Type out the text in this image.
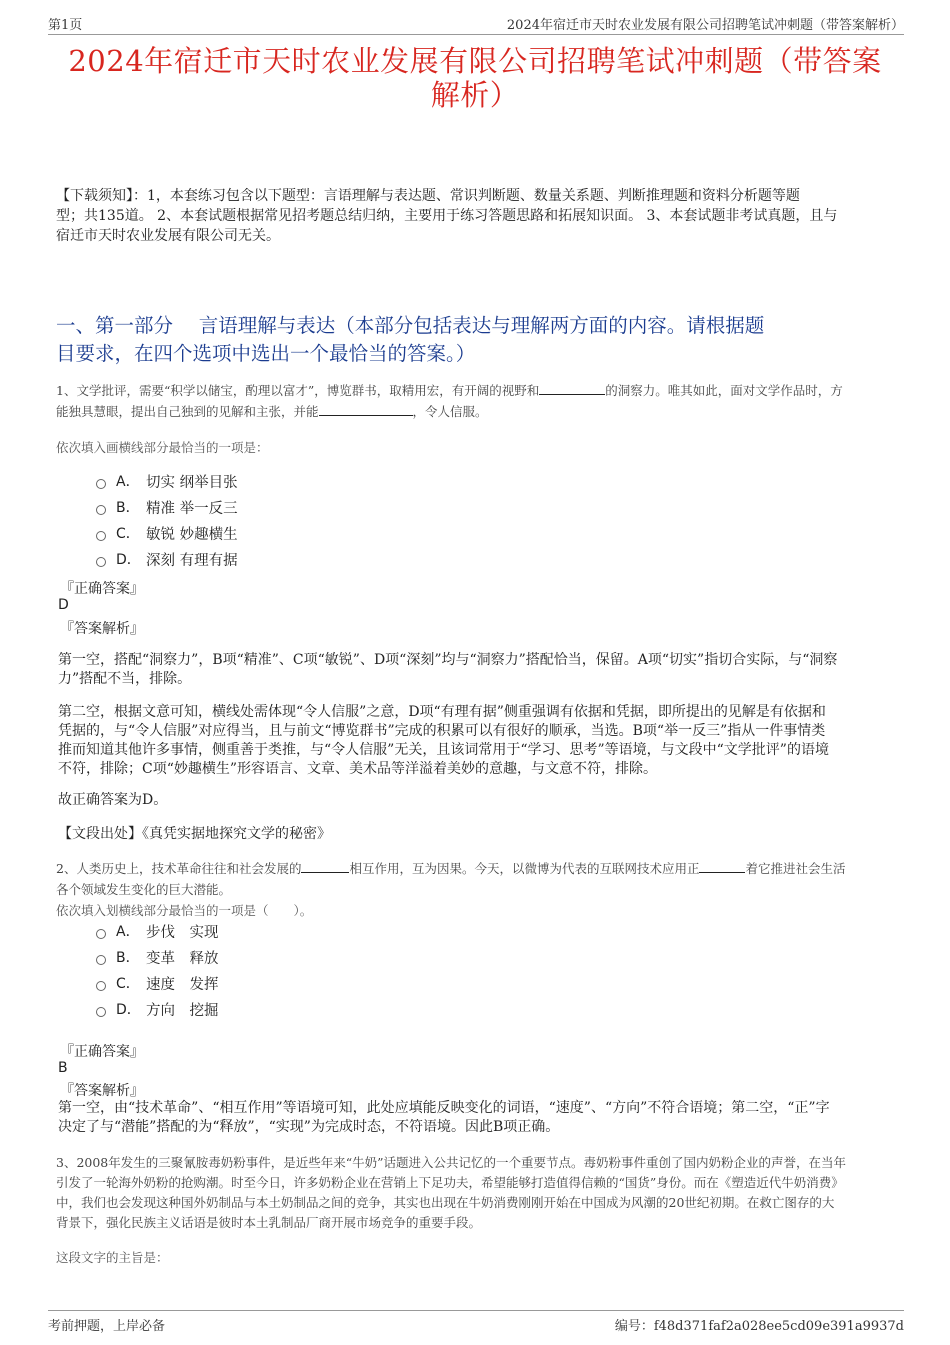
第1页	2024年宿迁市天时农业发展有限公司招聘笔试冲刺题（带答案解析）
2024年宿迁市天时农业发展有限公司招聘笔试冲刺题（带答案
解析）
【下载须知】：1，本套练习包含以下题型：言语理解与表达题、常识判断题、数量关系题、判断推理题和资料分析题等题
型；共135道。 2、本套试题根据常见招考题总结归纳，主要用于练习答题思路和拓展知识面。 3、本套试题非考试真题，且与
宿迁市天时农业发展有限公司无关。
一、第一部分　 言语理解与表达（本部分包括表达与理解两方面的内容。请根据题
目要求，在四个选项中选出一个最恰当的答案。）
1、文学批评，需要“积学以储宝，酌理以富才”，博览群书，取精用宏，有开阔的视野和	的洞察力。唯其如此，面对文学作品时，方
能独具慧眼，提出自己独到的见解和主张，并能	，令人信服。
依次填入画横线部分最恰当的一项是：
A． 切实 纲举目张
B． 精准 举一反三
C． 敏锐 妙趣横生
D． 深刻 有理有据
『正确答案』
D
『答案解析』
第一空，搭配“洞察力”，B项“精准”、C项“敏锐”、D项“深刻”均与“洞察力”搭配恰当，保留。A项“切实”指切合实际，与“洞察
力”搭配不当，排除。
第二空，根据文意可知，横线处需体现“令人信服”之意，D项“有理有据”侧重强调有依据和凭据，即所提出的见解是有依据和
凭据的，与“令人信服”对应得当，且与前文“博览群书”完成的积累可以有很好的顺承，当选。B项“举一反三”指从一件事情类
推而知道其他许多事情，侧重善于类推，与“令人信服”无关，且该词常用于“学习、思考”等语境，与文段中“文学批评”的语境
不符，排除；C项“妙趣横生”形容语言、文章、美术品等洋溢着美妙的意趣，与文意不符，排除。
故正确答案为D。
【文段出处】《真凭实据地探究文学的秘密》
2、人类历史上，技术革命往往和社会发展的	相互作用，互为因果。今天，以微博为代表的互联网技术应用正	着它推进社会生活
各个领域发生变化的巨大潜能。
依次填入划横线部分最恰当的一项是（　　）。
A． 步伐　实现
B． 变革　释放
C． 速度　发挥
D． 方向　挖掘
『正确答案』
B
『答案解析』
第一空，由“技术革命”、“相互作用”等语境可知，此处应填能反映变化的词语，“速度”、“方向”不符合语境；第二空，“正”字
决定了与“潜能”搭配的为“释放”，“实现”为完成时态，不符语境。因此B项正确。
3、2008年发生的三聚氰胺毒奶粉事件，是近些年来“牛奶”话题进入公共记忆的一个重要节点。毒奶粉事件重创了国内奶粉企业的声誉，在当年
引发了一轮海外奶粉的抢购潮。时至今日，许多奶粉企业在营销上下足功夫，希望能够打造值得信赖的“国货”身份。而在《塑造近代牛奶消费》
中，我们也会发现这种国外奶制品与本土奶制品之间的竞争，其实也出现在牛奶消费刚刚开始在中国成为风潮的20世纪初期。在救亡图存的大
背景下，强化民族主义话语是彼时本土乳制品厂商开展市场竞争的重要手段。
这段文字的主旨是：
考前押题，上岸必备	编号：f48d371faf2a028ee5cd09e391a9937d
